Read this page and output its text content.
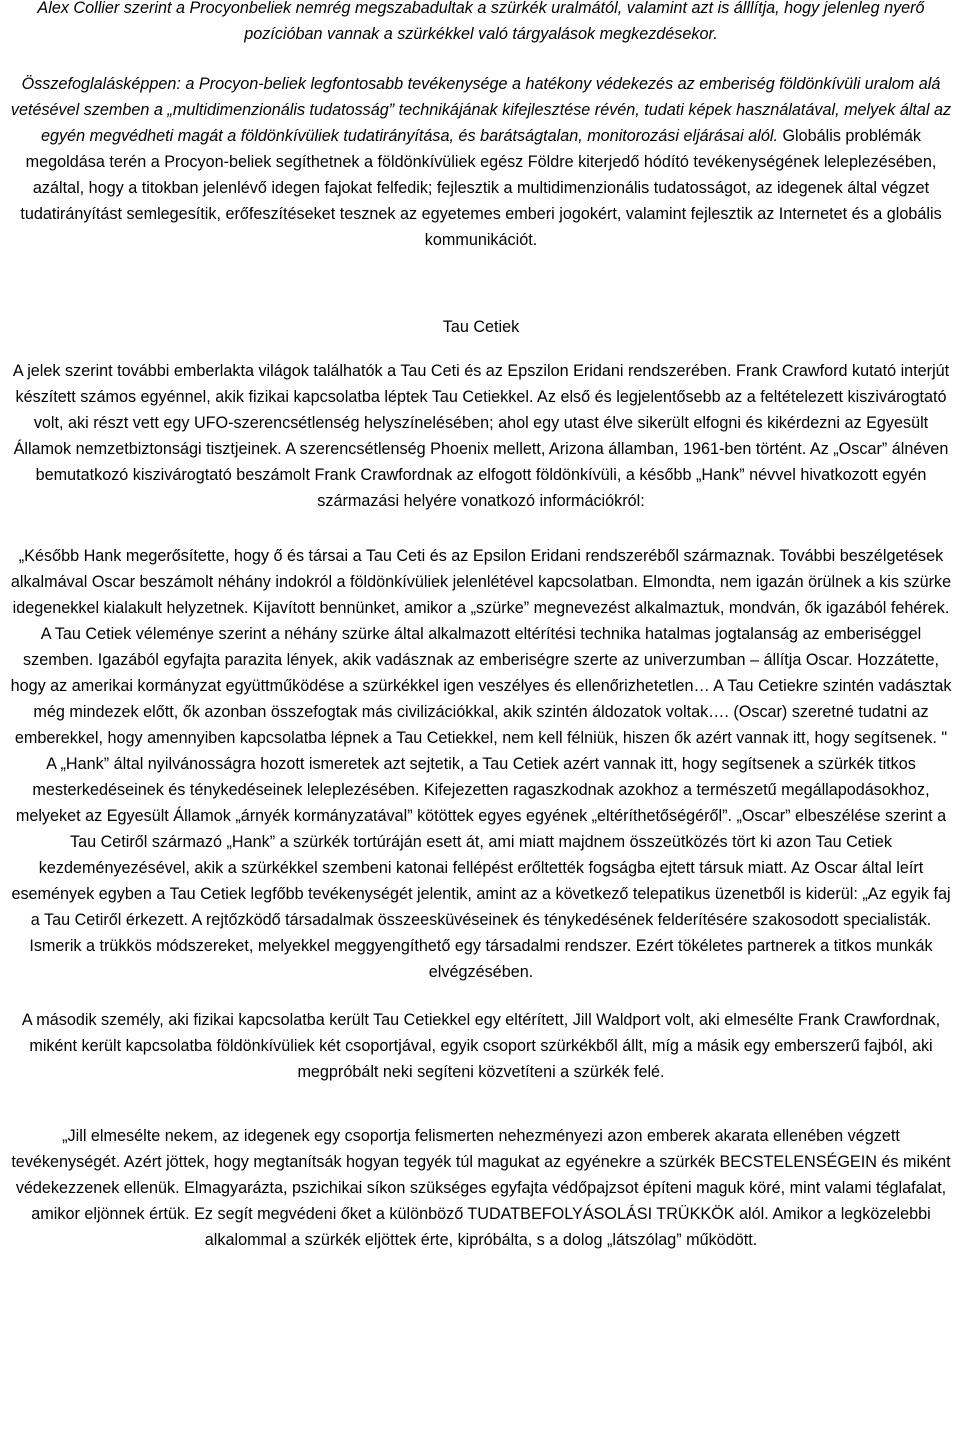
Alex Collier szerint a Procyonbeliek nemrég megszabadultak a szürkék uralmától, valamint azt is álllítja, hogy jelenleg nyerő pozícióban vannak a szürkékkel való tárgyalások megkezdésekor.

Összefoglalásképpen: a Procyon-beliek legfontosabb tevékenysége a hatékony védekezés az emberiség földönkívüli uralom alá vetésével szemben a „multidimenzionális tudatosság” technikájának kifejlesztése révén, tudati képek használatával, melyek által az egyén megvédheti magát a földönkívüliek tudatirányítása, és barátságtalan, monitorozási eljárásai alól. Globális problémák megoldása terén a Procyon-beliek segíthetnek a földönkívüliek egész Földre kiterjedő hódító tevékenységének leleplezésében, azáltal, hogy a titokban jelenlévő idegen fajokat felfedik; fejlesztik a multidimenzionális tudatosságot, az idegenek által végzet tudatirányítást semlegesítik, erőfeszítéseket tesznek az egyetemes emberi jogokért, valamint fejlesztik az Internetet és a globális kommunikációt.

Tau Cetiek

A jelek szerint további emberlakta világok találhatók a Tau Ceti és az Epszilon Eridani rendszerében. Frank Crawford kutató interjút készített számos egyénnel, akik fizikai kapcsolatba léptek Tau Cetiekkel. Az első és legjelentősebb az a feltételezett kiszivárogtató volt, aki részt vett egy UFO-szerencsétlenség helyszínelésében; ahol egy utast élve sikerült elfogni és kikérdezni az Egyesült Államok nemzetbiztonsági tisztjeinek. A szerencsétlenség Phoenix mellett, Arizona államban, 1961-ben történt. Az „Oscar” álnéven bemutatkozó kiszivárogtató beszámolt Frank Crawfordnak az elfogott földönkívüli, a később „Hank” névvel hivatkozott egyén származási helyére vonatkozó információkról:

„Később Hank megerősítette, hogy ő és társai a Tau Ceti és az Epsilon Eridani rendszeréből származnak. További beszélgetések alkalmával Oscar beszámolt néhány indokról a földönkívüliek jelenlétével kapcsolatban. Elmondta, nem igazán örülnek a kis szürke idegenekkel kialakult helyzetnek. Kijavított bennünket, amikor a „szürke” megnevezést alkalmaztuk, mondván, ők igazából fehérek. A Tau Cetiek véleménye szerint a néhány szürke által alkalmazott eltérítési technika hatalmas jogtalanság az emberiséggel szemben. Igazából egyfajta parazita lények, akik vadásznak az emberiségre szerte az univerzumban – állítja Oscar. Hozzátette, hogy az amerikai kormányzat együttműködése a szürkékkel igen veszélyes és ellenőrizhetetlen… A Tau Cetiekre szintén vadásztak még mindezek előtt, ők azonban összefogtak más civilizációkkal, akik szintén áldozatok voltak…. (Oscar) szeretné tudatni az emberekkel, hogy amennyiben kapcsolatba lépnek a Tau Cetiekkel, nem kell félniük, hiszen ők azért vannak itt, hogy segítsenek. "

A „Hank” által nyilvánosságra hozott ismeretek azt sejtetik, a Tau Cetiek azért vannak itt, hogy segítsenek a szürkék titkos mesterkedéseinek és ténykedéseinek leleplezésében. Kifejezetten ragaszkodnak azokhoz a természetű megállapodásokhoz, melyeket az Egyesült Államok „árnyék kormányzatával” kötöttek egyes egyének „eltéríthetőségéről”. „Oscar” elbeszélése szerint a Tau Cetiről származó „Hank” a szürkék tortúráján esett át, ami miatt majdnem összeütközés tört ki azon Tau Cetiek kezdeményezésével, akik a szürkékkel szembeni katonai fellépést erőltették fogságba ejtett társuk miatt. Az Oscar által leírt események egyben a Tau Cetiek legfőbb tevékenységét jelentik, amint az a következő telepatikus üzenetből is kiderül: „Az egyik faj a Tau Cetiről érkezett. A rejtőzködő társadalmak összeesküvéseinek és ténykedésének felderítésére szakosodott specialisták. Ismerik a trükkös módszereket, melyekkel meggyengíthető egy társadalmi rendszer. Ezért tökéletes partnerek a titkos munkák elvégzésében.

A második személy, aki fizikai kapcsolatba került Tau Cetiekkel egy eltérített, Jill Waldport volt, aki elmesélte Frank Crawfordnak, miként került kapcsolatba földönkívüliek két csoportjával, egyik csoport szürkékből állt, míg a másik egy emberszerű fajból, aki megpróbált neki segíteni közvetíteni a szürkék felé.

„Jill elmesélte nekem, az idegenek egy csoportja felismerten nehezményezi azon emberek akarata ellenében végzett tevékenységét. Azért jöttek, hogy megtanítsák hogyan tegyék túl magukat az egyénekre a szürkék BECSTELENSÉGEIN és miként védekezzenek ellenük. Elmagyarázta, pszichikai síkon szükséges egyfajta védőpajzsot építeni maguk köré, mint valami téglafalat, amikor eljönnek értük. Ez segít megvédeni őket a különböző TUDATBEFOLYÁSOLÁSI TRÜKKÖK alól. Amikor a legközelebbi alkalommal a szürkék eljöttek érte, kipróbálta, s a dolog „látszólag” működött.
